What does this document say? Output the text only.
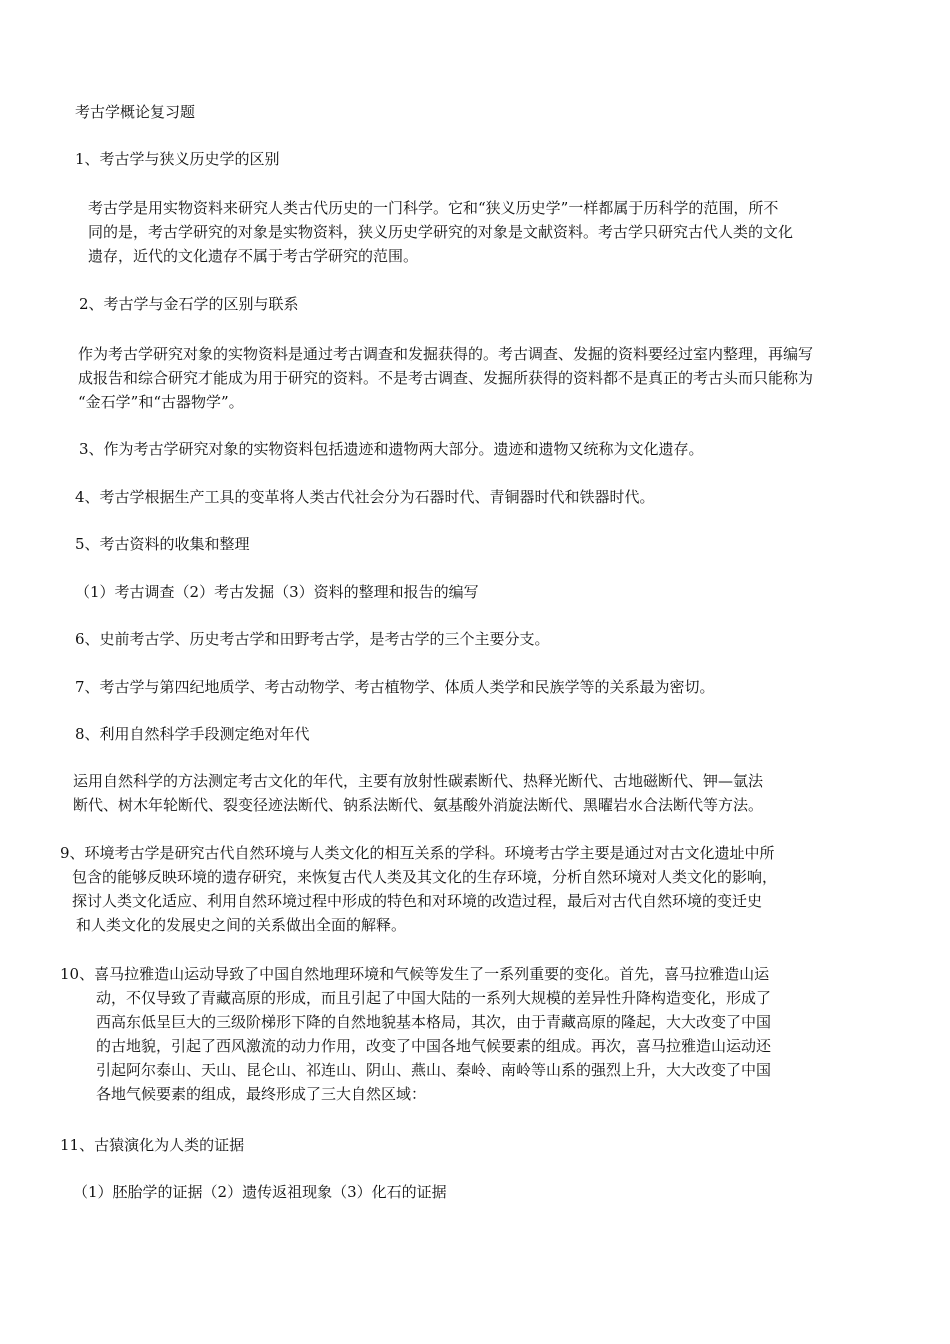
考古学概论复习题
1、考古学与狭义历史学的区别
考古学是用实物资料来研究人类古代历史的一门科学。它和“狭义历史学”一样都属于历科学的范围，所不
同的是，考古学研究的对象是实物资料，狭义历史学研究的对象是文献资料。考古学只研究古代人类的文化
遗存，近代的文化遗存不属于考古学研究的范围。
2、考古学与金石学的区别与联系
作为考古学研究对象的实物资料是通过考古调查和发掘获得的。考古调查、发掘的资料要经过室内整理，再编写
成报告和综合研究才能成为用于研究的资料。不是考古调查、发掘所获得的资料都不是真正的考古头而只能称为
“金石学”和“古器物学”。
3、作为考古学研究对象的实物资料包括遗迹和遗物两大部分。遗迹和遗物又统称为文化遗存。
4、考古学根据生产工具的变革将人类古代社会分为石器时代、青铜器时代和铁器时代。
5、考古资料的收集和整理
（1）考古调查（2）考古发掘（3）资料的整理和报告的编写
6、史前考古学、历史考古学和田野考古学，是考古学的三个主要分支。
7、考古学与第四纪地质学、考古动物学、考古植物学、体质人类学和民族学等的关系最为密切。
8、利用自然科学手段测定绝对年代
运用自然科学的方法测定考古文化的年代，主要有放射性碳素断代、热释光断代、古地磁断代、钾—氩法
断代、树木年轮断代、裂变径迹法断代、钠系法断代、氨基酸外消旋法断代、黑曜岩水合法断代等方法。
9、环境考古学是研究古代自然环境与人类文化的相互关系的学科。环境考古学主要是通过对古文化遗址中所
包含的能够反映环境的遗存研究，来恢复古代人类及其文化的生存环境，分析自然环境对人类文化的影响，
探讨人类文化适应、利用自然环境过程中形成的特色和对环境的改造过程，最后对古代自然环境的变迁史
和人类文化的发展史之间的关系做出全面的解释。
10、喜马拉雅造山运动导致了中国自然地理环境和气候等发生了一系列重要的变化。首先，喜马拉雅造山运
动，不仅导致了青藏高原的形成，而且引起了中国大陆的一系列大规模的差异性升降构造变化，形成了
西高东低呈巨大的三级阶梯形下降的自然地貌基本格局，其次，由于青藏高原的隆起，大大改变了中国
的古地貌，引起了西风激流的动力作用，改变了中国各地气候要素的组成。再次，喜马拉雅造山运动还
引起阿尔泰山、天山、昆仑山、祁连山、阴山、燕山、秦岭、南岭等山系的强烈上升，大大改变了中国
各地气候要素的组成，最终形成了三大自然区域：
11、古猿演化为人类的证据
（1）胚胎学的证据（2）遗传返祖现象（3）化石的证据
